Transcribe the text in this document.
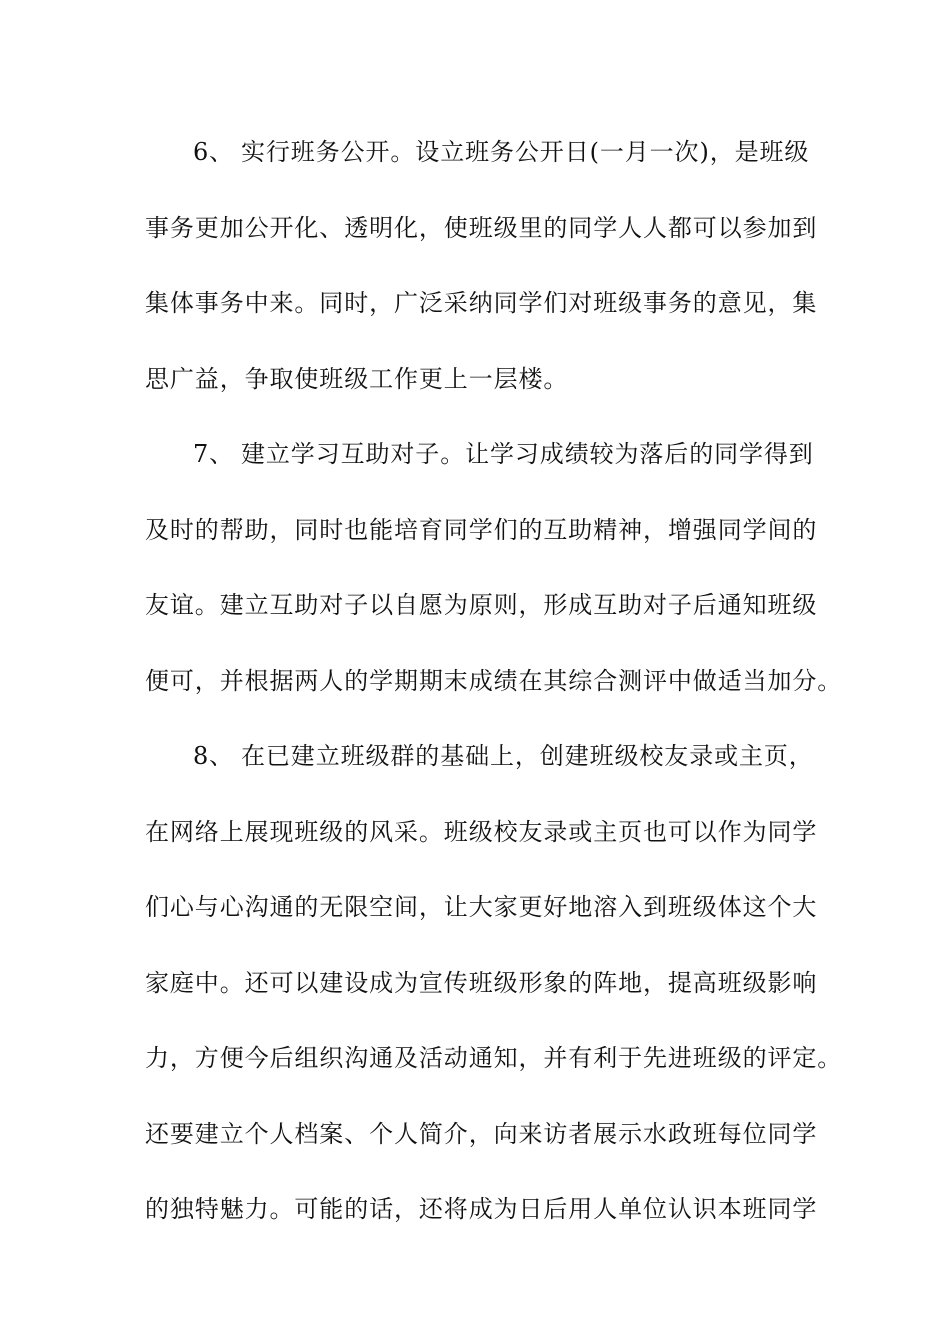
6、 实行班务公开。设立班务公开日(一月一次)，是班级
事务更加公开化、透明化，使班级里的同学人人都可以参加到
集体事务中来。同时，广泛采纳同学们对班级事务的意见，集
思广益，争取使班级工作更上一层楼。
7、 建立学习互助对子。让学习成绩较为落后的同学得到
及时的帮助，同时也能培育同学们的互助精神，增强同学间的
友谊。建立互助对子以自愿为原则，形成互助对子后通知班级
便可，并根据两人的学期期末成绩在其综合测评中做适当加分。
8、 在已建立班级群的基础上，创建班级校友录或主页，
在网络上展现班级的风采。班级校友录或主页也可以作为同学
们心与心沟通的无限空间，让大家更好地溶入到班级体这个大
家庭中。还可以建设成为宣传班级形象的阵地，提高班级影响
力，方便今后组织沟通及活动通知，并有利于先进班级的评定。
还要建立个人档案、个人简介，向来访者展示水政班每位同学
的独特魅力。可能的话，还将成为日后用人单位认识本班同学
